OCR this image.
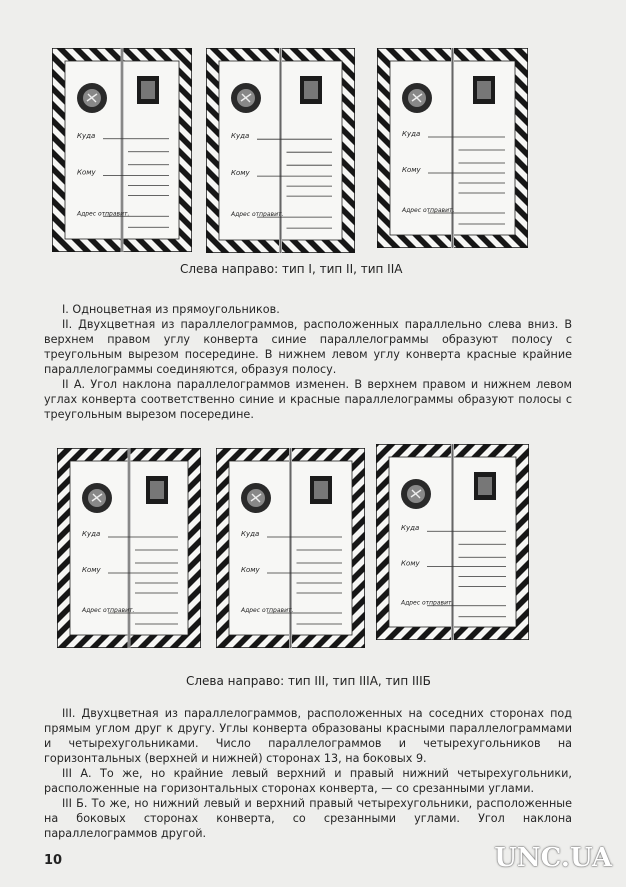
Куда
Кому
Адрес отправит.
Куда
Кому
Адрес отправит.
Куда
Кому
Адрес отправит.
Слева направо: тип I, тип II, тип IIA

I. Одноцветная из прямоугольников.

II. Двухцветная из параллелограммов, расположенных параллельно слева вниз. В верхнем правом углу конверта синие параллелограммы образуют полосу с треугольным вырезом посередине. В нижнем левом углу конверта красные крайние параллелограммы соединяются, образуя полосу.

II А. Угол наклона параллелограммов изменен. В верхнем правом и нижнем левом углах конверта соответственно синие и красные параллелограммы образуют полосы с треугольным вырезом посередине.

Куда
Кому
Адрес отправит.
Куда
Кому
Адрес отправит.
Куда
Кому
Адрес отправит.
Слева направо: тип III, тип IIIA, тип IIIБ

III. Двухцветная из параллелограммов, расположенных на соседних сторонах под прямым углом друг к другу. Углы конверта образованы красными параллелограммами и четырехугольниками. Число параллелограммов и четырехугольников на горизонтальных (верхней и нижней) сторонах 13, на боковых 9.

III А. То же, но крайние левый верхний и правый нижний четырехугольники, расположенные на горизонтальных сторонах конверта, — со срезанными углами.

III Б. То же, но нижний левый и верхний правый четырехугольники, расположенные на боковых сторонах конверта, со срезанными углами. Угол наклона параллелограммов другой.

10	UNC.UA
